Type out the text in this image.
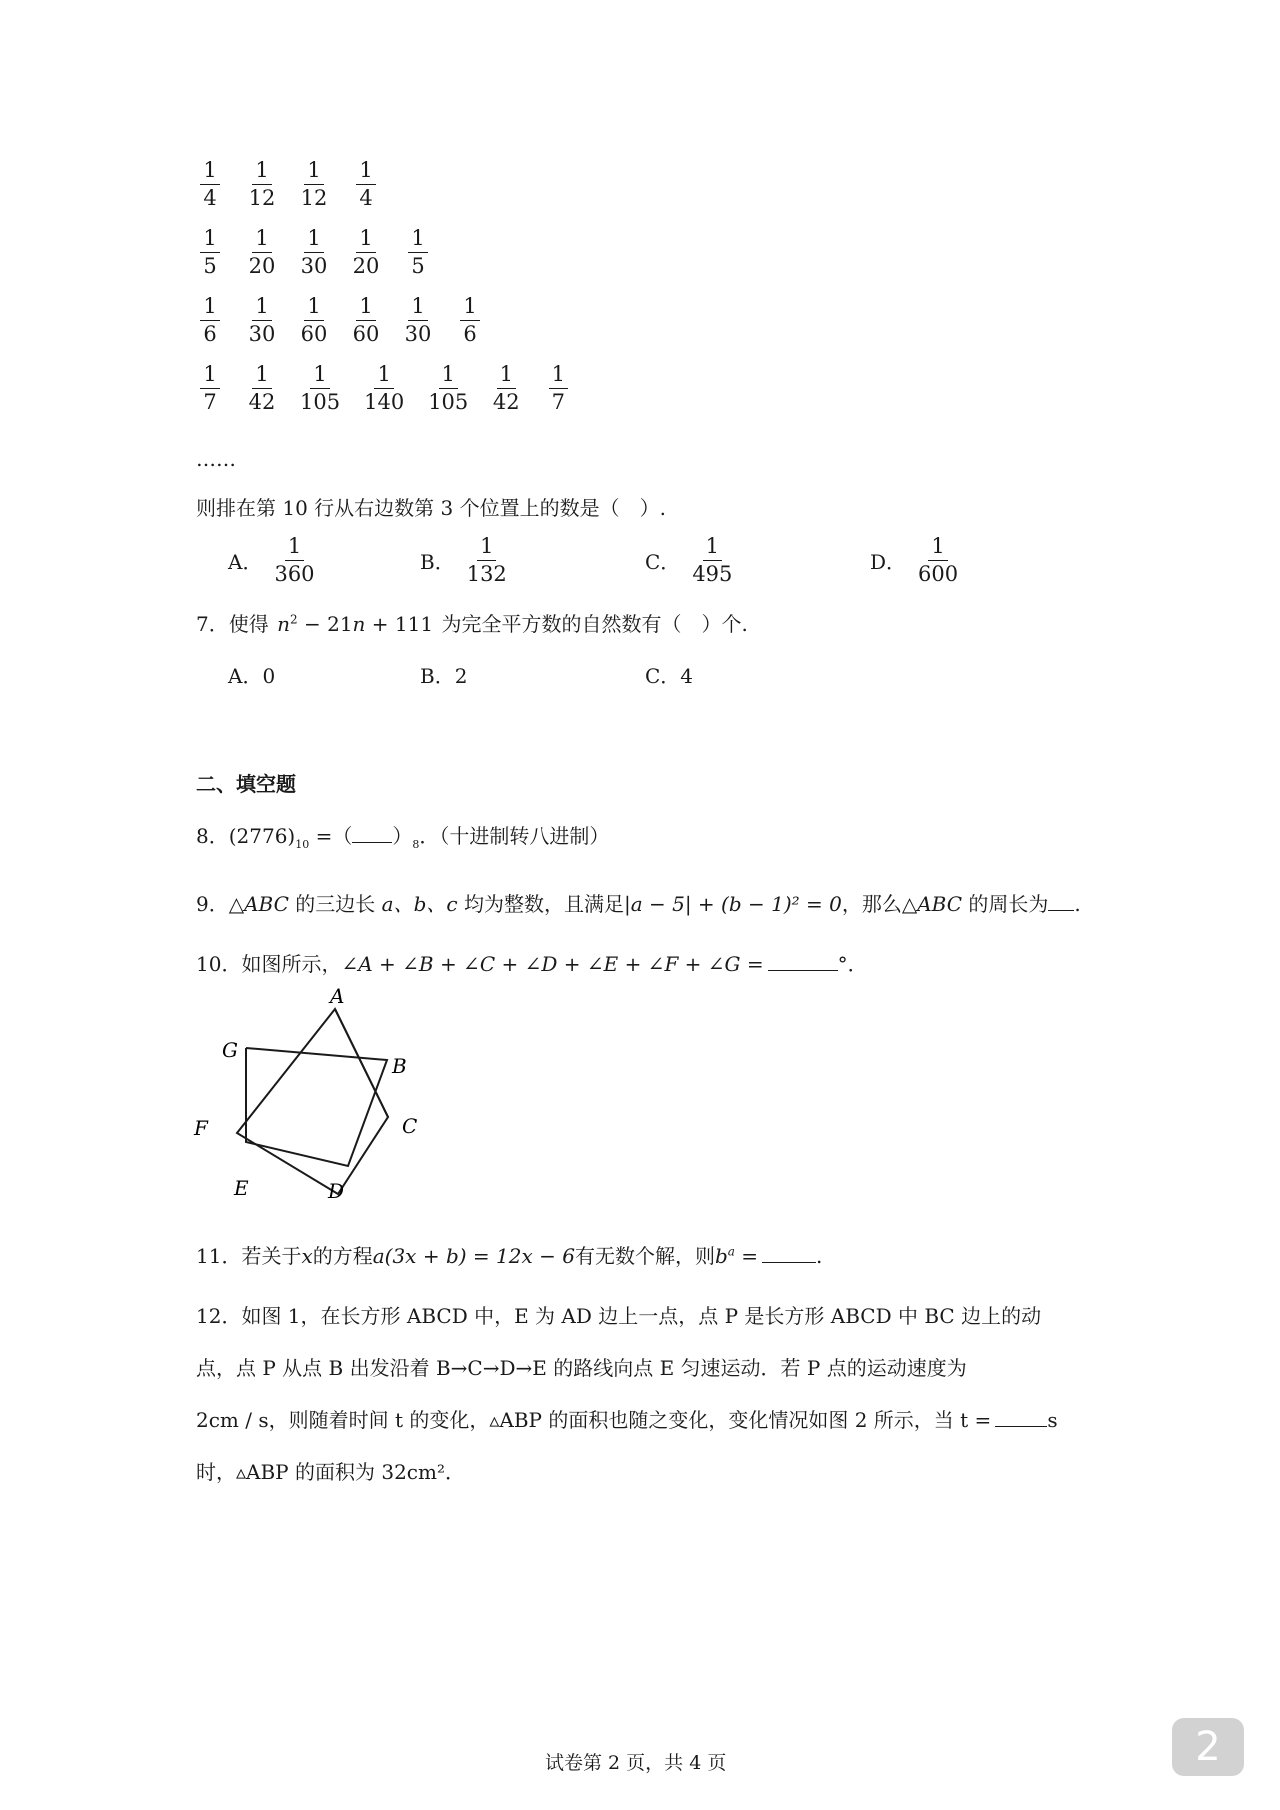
$\frac{1}{4} \frac{1}{12} \frac{1}{12} \frac{1}{4}$
$\frac{1}{5} \frac{1}{20} \frac{1}{30} \frac{1}{20} \frac{1}{5}$
$\frac{1}{6} \frac{1}{30} \frac{1}{60} \frac{1}{60} \frac{1}{30} \frac{1}{6}$
$\frac{1}{7} \frac{1}{42} \frac{1}{105} \frac{1}{140} \frac{1}{105} \frac{1}{42} \frac{1}{7}$
……
则排在第 10 行从右边数第 3 个位置上的数是（　）.
A． $\frac{1}{360}$	B． $\frac{1}{132}$	C． $\frac{1}{495}$	D． $\frac{1}{600}$
7．使得 $n^2 - 21n + 111$ 为完全平方数的自然数有（　）个.
A．0	B．2	C．4
二、填空题
8．$(2776)_{10}$ =（ ）$_8$．（十进制转八进制）
9．△ABC 的三边长 a、b、c 均为整数，且满足|a − 5| + (b − 1)² = 0，那么△ABC 的周长为 .
10．如图所示，∠A + ∠B + ∠C + ∠D + ∠E + ∠F + ∠G =	°．
A
B
C
D
E
F
G
11．若关于x的方程a(3x + b) = 12x − 6有无数个解，则$b^a$ =	.
12．如图 1，在长方形 ABCD 中，E 为 AD 边上一点，点 P 是长方形 ABCD 中 BC 边上的动
点，点 P 从点 B 出发沿着 B→C→D→E 的路线向点 E 匀速运动．若 P 点的运动速度为
2cm / s，则随着时间 t 的变化，▵ABP 的面积也随之变化，变化情况如图 2 所示，当 t =	s
时，▵ABP 的面积为 32cm²．
试卷第 2 页，共 4 页	2
